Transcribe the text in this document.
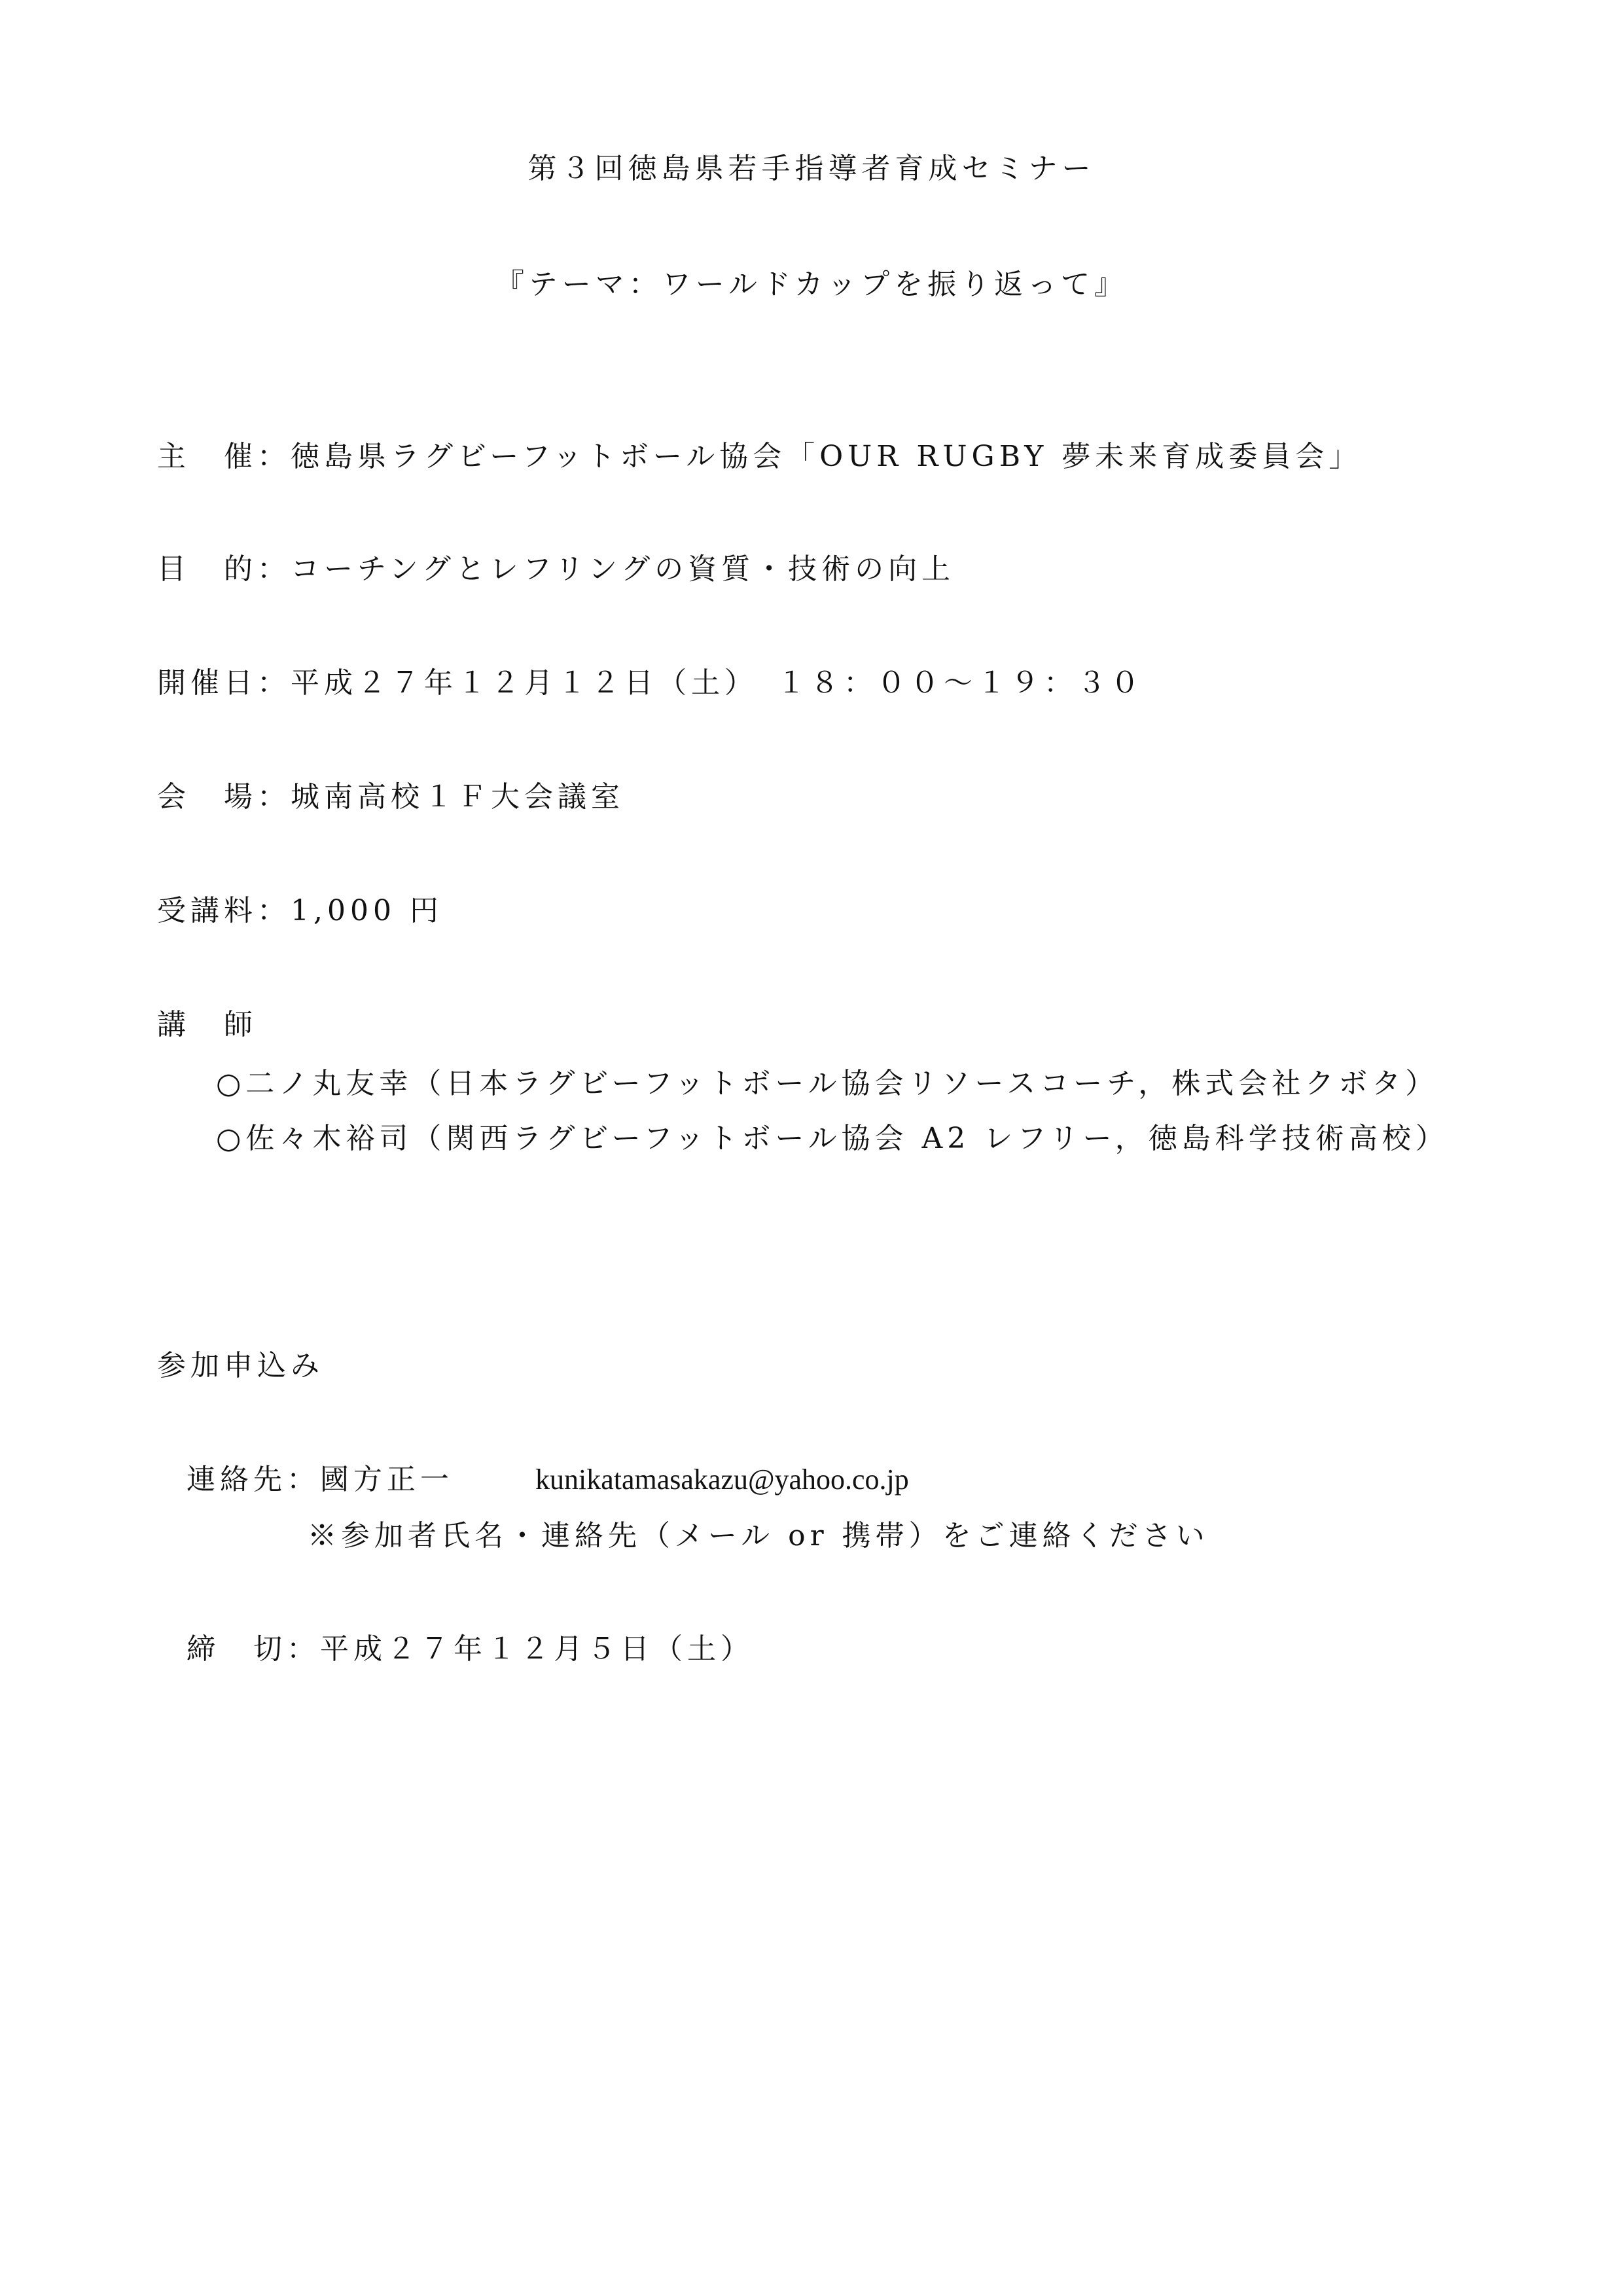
第３回徳島県若手指導者育成セミナー
『テーマ：ワールドカップを振り返って』
主　催：徳島県ラグビーフットボール協会「OUR RUGBY 夢未来育成委員会」
目　的：コーチングとレフリングの資質・技術の向上
開催日：平成２７年１２月１２日（土）　１８：００～１９：３０
会　場：城南高校１Ｆ大会議室
受講料：1,000 円
講　師
○二ノ丸友幸（日本ラグビーフットボール協会リソースコーチ，株式会社クボタ）
○佐々木裕司（関西ラグビーフットボール協会 A2 レフリー，徳島科学技術高校）
参加申込み
連絡先：國方正一	kunikatamasakazu@yahoo.co.jp
※参加者氏名・連絡先（メール or 携帯）をご連絡ください
締　切：平成２７年１２月５日（土）
